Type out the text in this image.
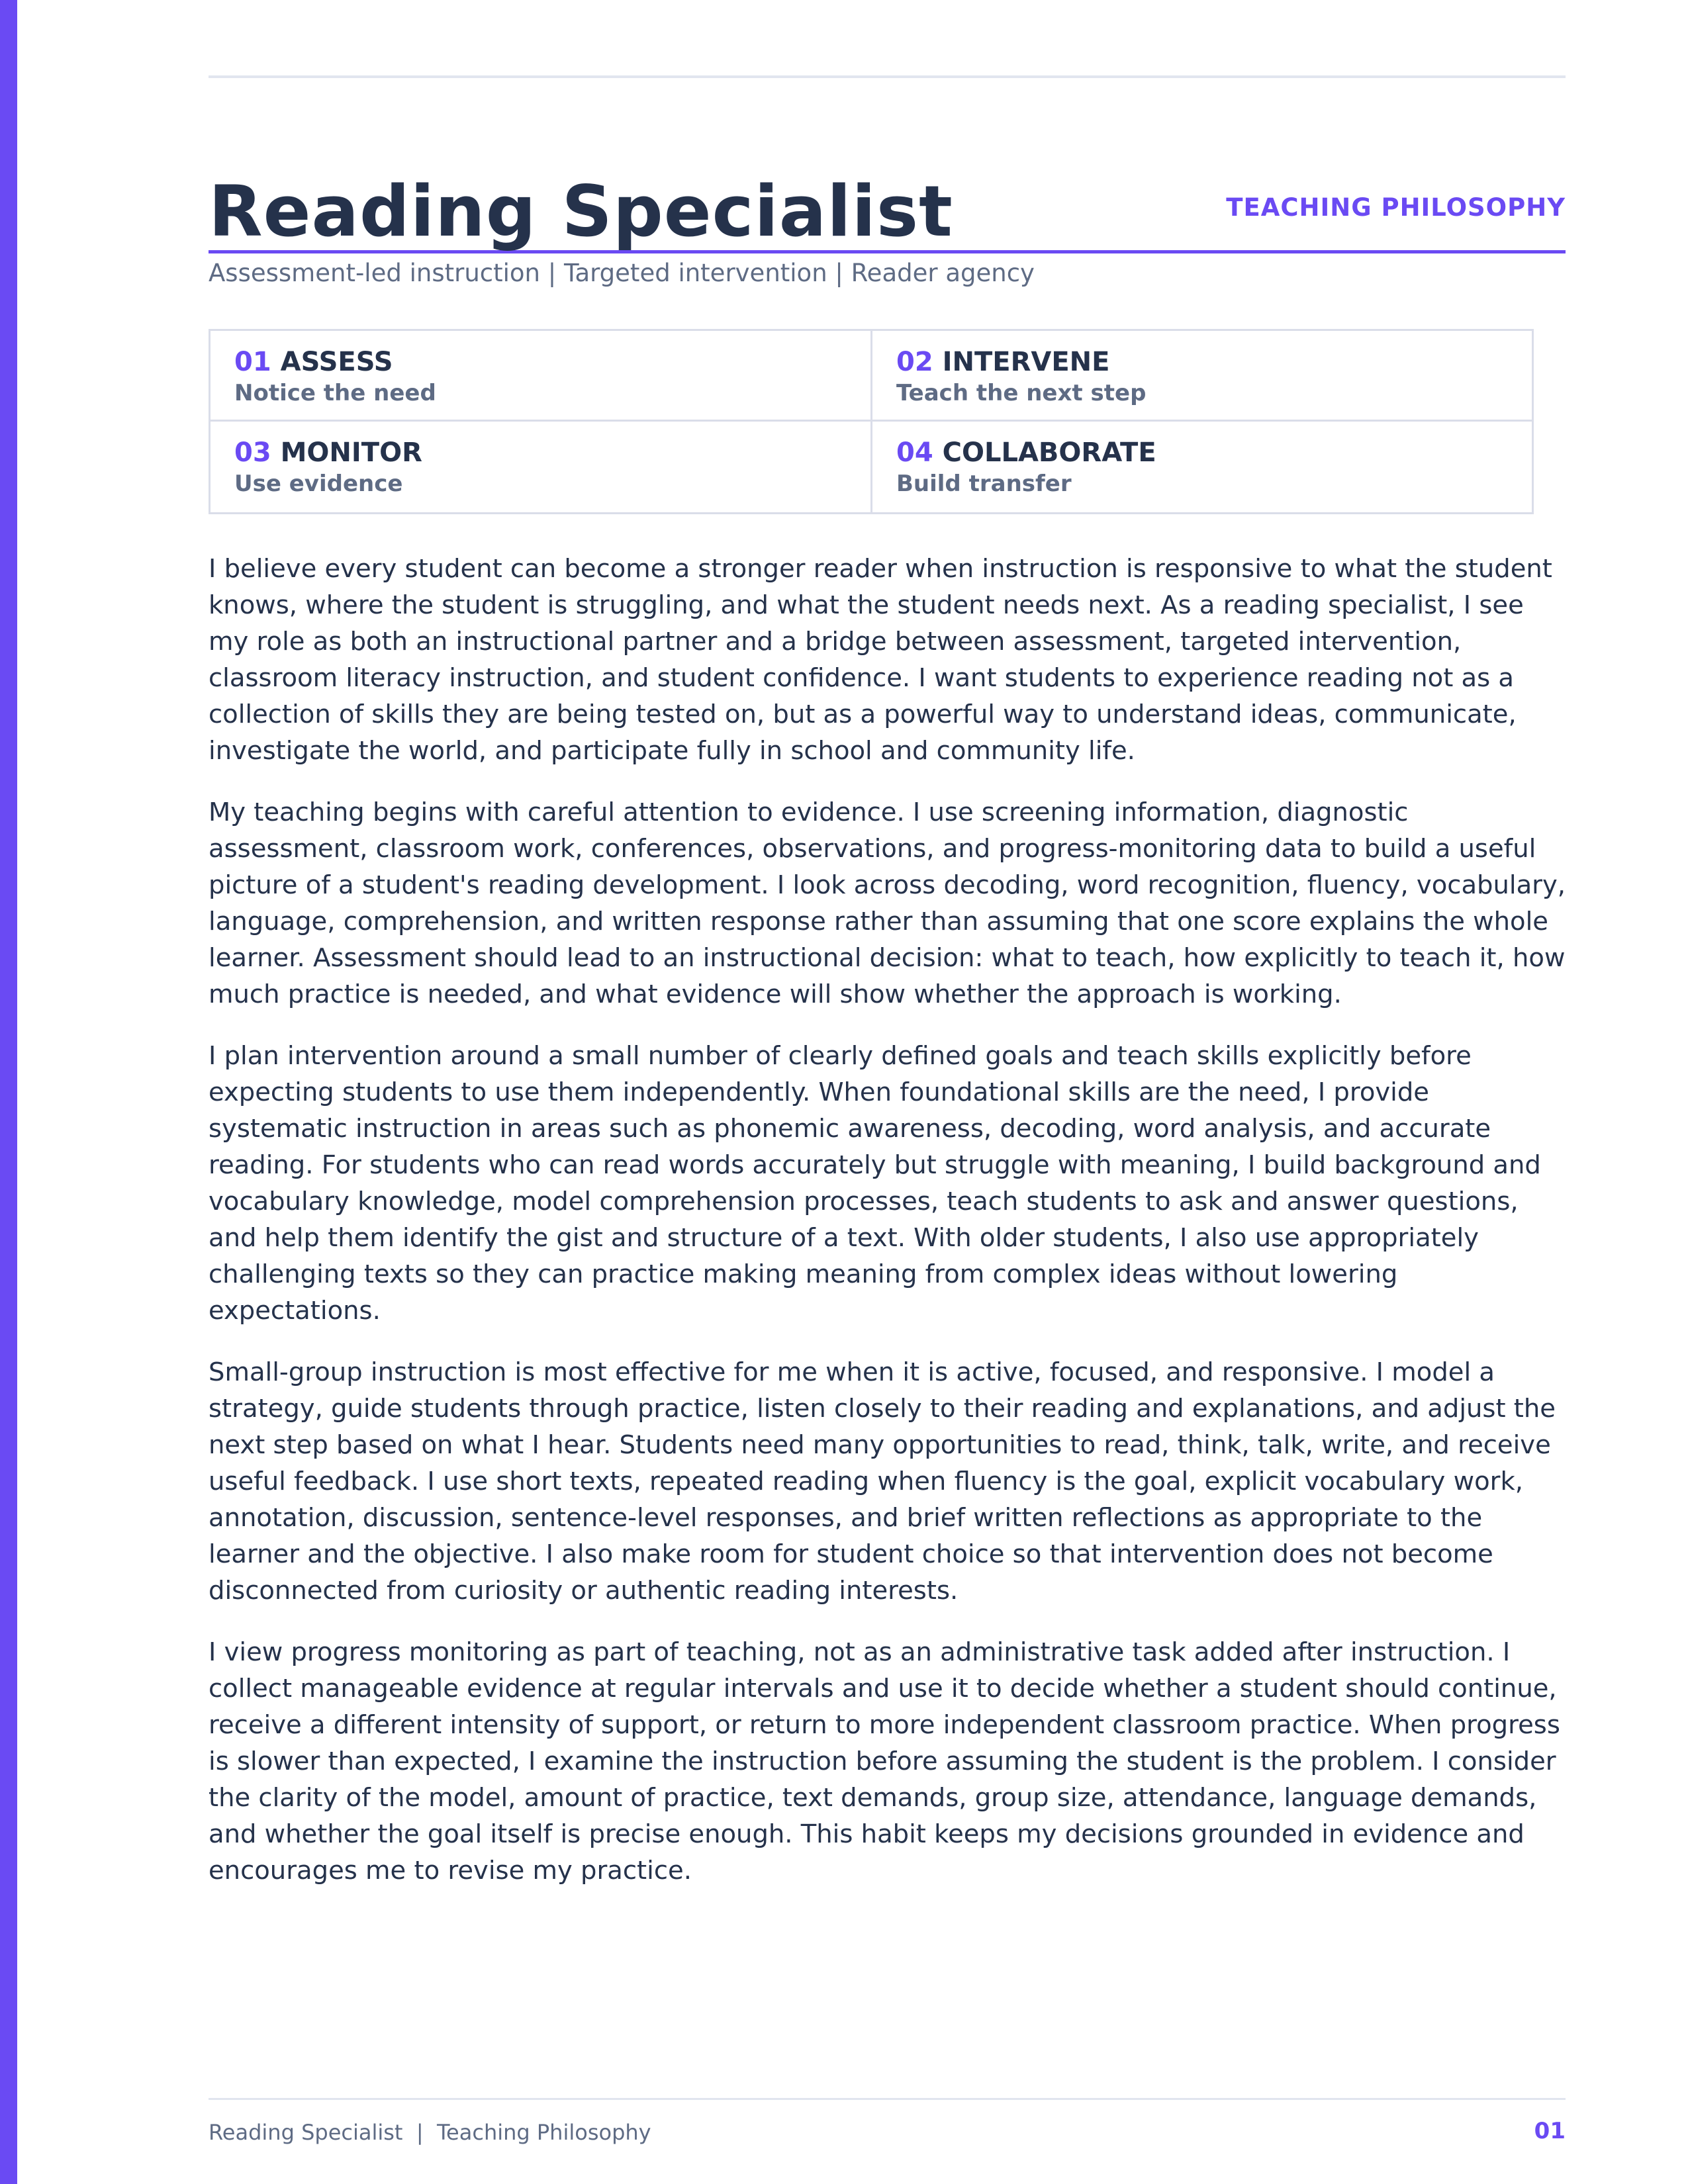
Reading Specialist	TEACHING PHILOSOPHY
Assessment-led instruction | Targeted intervention | Reader agency
01 ASSESS
Notice the need
02 INTERVENE
Teach the next step
03 MONITOR
Use evidence
04 COLLABORATE
Build transfer

I believe every student can become a stronger reader when instruction is responsive to what the student knows, where the student is struggling, and what the student needs next. As a reading specialist, I see my role as both an instructional partner and a bridge between assessment, targeted intervention, classroom literacy instruction, and student confidence. I want students to experience reading not as a collection of skills they are being tested on, but as a powerful way to understand ideas, communicate, investigate the world, and participate fully in school and community life.

My teaching begins with careful attention to evidence. I use screening information, diagnostic assessment, classroom work, conferences, observations, and progress-monitoring data to build a useful picture of a student's reading development. I look across decoding, word recognition, fluency, vocabulary, language, comprehension, and written response rather than assuming that one score explains the whole learner. Assessment should lead to an instructional decision: what to teach, how explicitly to teach it, how much practice is needed, and what evidence will show whether the approach is working.

I plan intervention around a small number of clearly defined goals and teach skills explicitly before expecting students to use them independently. When foundational skills are the need, I provide systematic instruction in areas such as phonemic awareness, decoding, word analysis, and accurate reading. For students who can read words accurately but struggle with meaning, I build background and vocabulary knowledge, model comprehension processes, teach students to ask and answer questions, and help them identify the gist and structure of a text. With older students, I also use appropriately challenging texts so they can practice making meaning from complex ideas without lowering expectations.

Small-group instruction is most effective for me when it is active, focused, and responsive. I model a strategy, guide students through practice, listen closely to their reading and explanations, and adjust the next step based on what I hear. Students need many opportunities to read, think, talk, write, and receive useful feedback. I use short texts, repeated reading when fluency is the goal, explicit vocabulary work, annotation, discussion, sentence-level responses, and brief written reflections as appropriate to the learner and the objective. I also make room for student choice so that intervention does not become disconnected from curiosity or authentic reading interests.

I view progress monitoring as part of teaching, not as an administrative task added after instruction. I collect manageable evidence at regular intervals and use it to decide whether a student should continue, receive a different intensity of support, or return to more independent classroom practice. When progress is slower than expected, I examine the instruction before assuming the student is the problem. I consider the clarity of the model, amount of practice, text demands, group size, attendance, language demands, and whether the goal itself is precise enough. This habit keeps my decisions grounded in evidence and encourages me to revise my practice.

Reading Specialist  |  Teaching Philosophy	01
